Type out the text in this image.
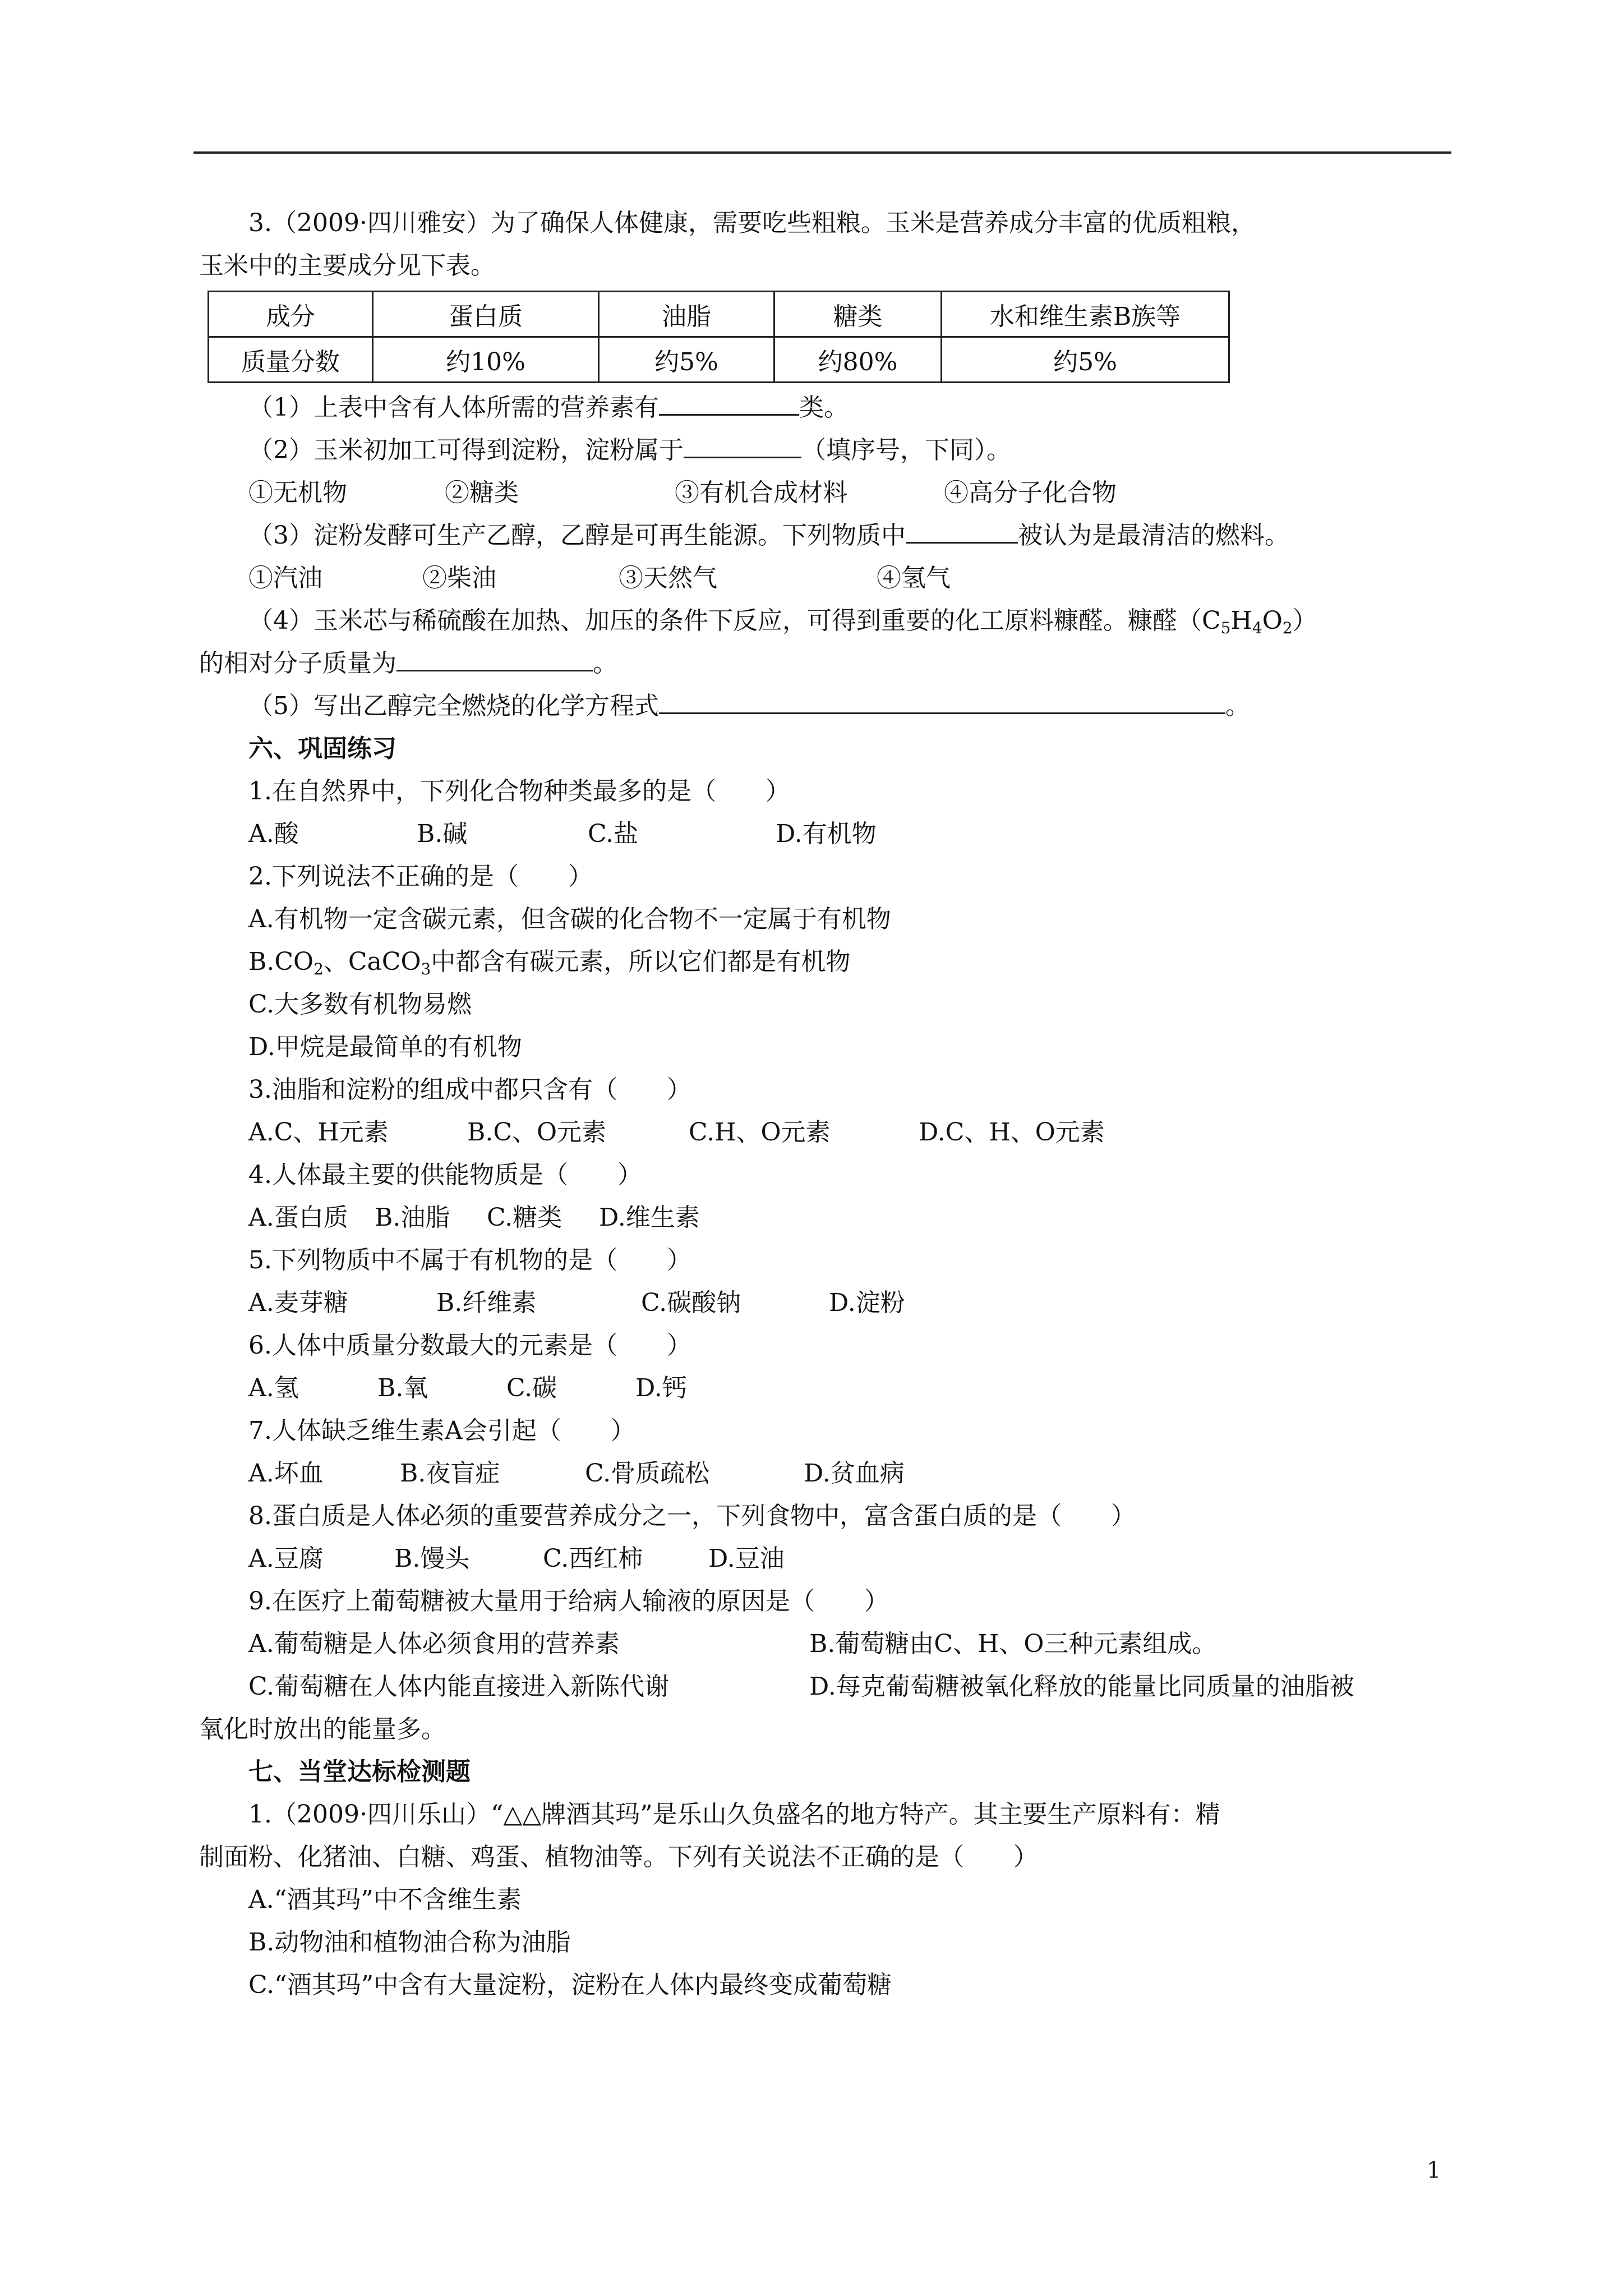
3.（2009·四川雅安）为了确保人体健康，需要吃些粗粮。玉米是营养成分丰富的优质粗粮，

玉米中的主要成分见下表。

成分	蛋白质	油脂	糖类	水和维生素B族等
质量分数	约10%	约5%	约80%	约5%

（1）上表中含有人体所需的营养素有	类。

（2）玉米初加工可得到淀粉，淀粉属于	（填序号，下同）。

①无机物	②糖类	③有机合成材料	④高分子化合物

（3）淀粉发酵可生产乙醇，乙醇是可再生能源。下列物质中	被认为是最清洁的燃料。

①汽油	②柴油	③天然气	④氢气

（4）玉米芯与稀硫酸在加热、加压的条件下反应，可得到重要的化工原料糠醛。糠醛$(C_5H_4O_2)$

的相对分子质量为	。

（5）写出乙醇完全燃烧的化学方程式	。

六、巩固练习

1.在自然界中，下列化合物种类最多的是（　　）

A.酸	B.碱	C.盐	D.有机物

2.下列说法不正确的是（　　）

A.有机物一定含碳元素，但含碳的化合物不一定属于有机物

$B.CO_2$、CaCO$_3$中都含有碳元素，所以它们都是有机物

C.大多数有机物易燃

D.甲烷是最简单的有机物

3.油脂和淀粉的组成中都只含有（　　）

A.C、H元素	B.C、O元素	C.H、O元素	D.C、H、O元素

4.人体最主要的供能物质是（　　）

A.蛋白质 B.油脂 C.糖类 D.维生素

5.下列物质中不属于有机物的是（　　）

A.麦芽糖	B.纤维素	C.碳酸钠	D.淀粉

6.人体中质量分数最大的元素是（　　）

A.氢	B.氧	C.碳	D.钙

7.人体缺乏维生素A会引起（　　）

A.坏血	B.夜盲症	C.骨质疏松	D.贫血病

8.蛋白质是人体必须的重要营养成分之一，下列食物中，富含蛋白质的是（　　）

A.豆腐	B.馒头	C.西红柿	D.豆油

9.在医疗上葡萄糖被大量用于给病人输液的原因是（　　）

A.葡萄糖是人体必须食用的营养素	B.葡萄糖由C、H、O三种元素组成。

C.葡萄糖在人体内能直接进入新陈代谢	D.每克葡萄糖被氧化释放的能量比同质量的油脂被

氧化时放出的能量多。

七、当堂达标检测题

1.（2009·四川乐山）“△△牌酒其玛”是乐山久负盛名的地方特产。其主要生产原料有：精

制面粉、化猪油、白糖、鸡蛋、植物油等。下列有关说法不正确的是（　　）

A.“酒其玛”中不含维生素

B.动物油和植物油合称为油脂

C.“酒其玛”中含有大量淀粉，淀粉在人体内最终变成葡萄糖

1
